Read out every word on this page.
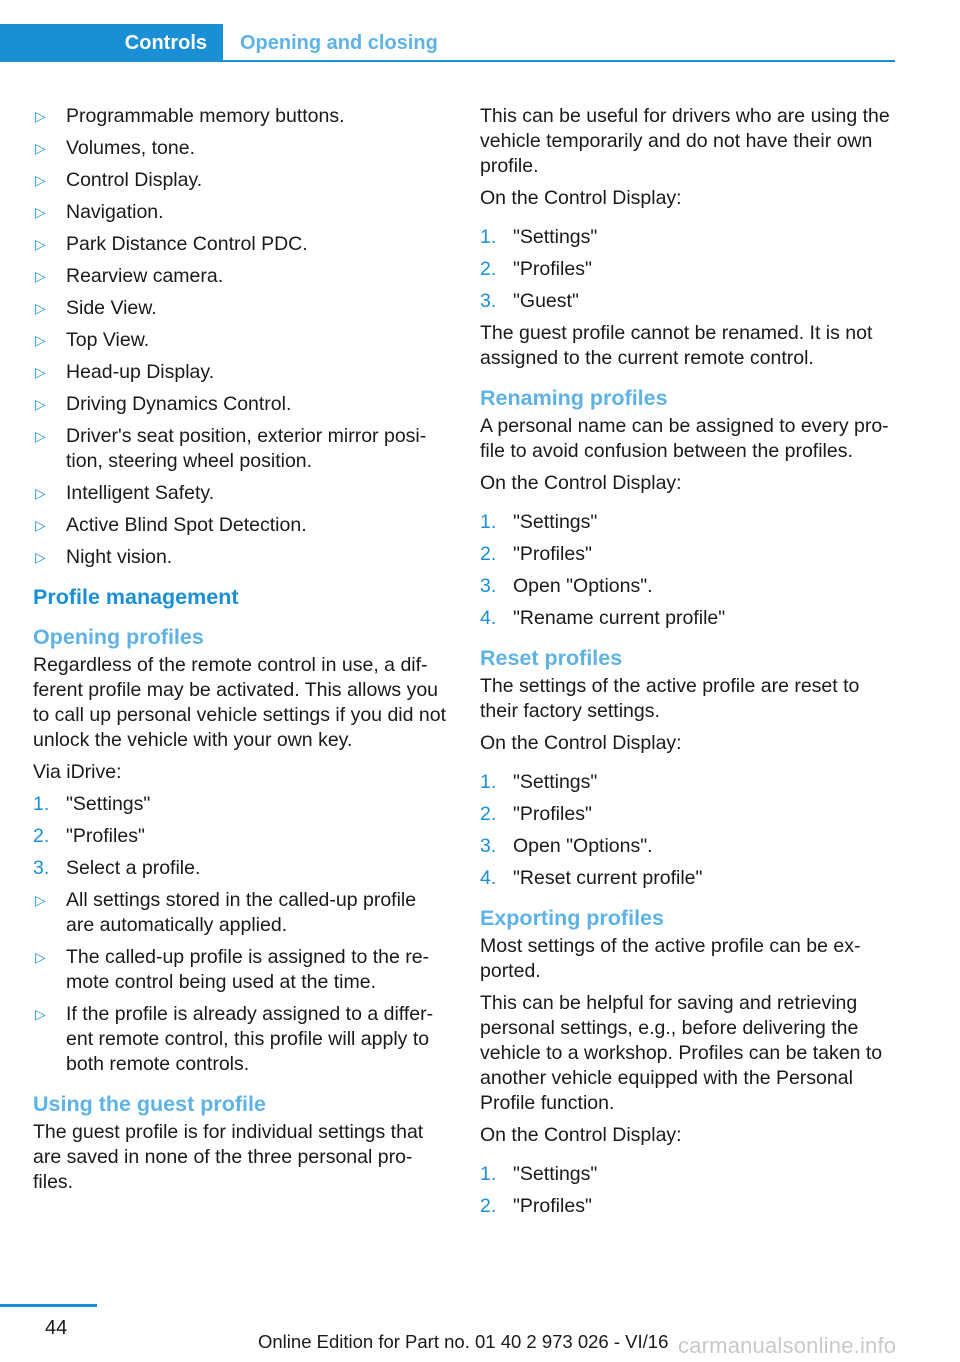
Controls Opening and closing
▷	Programmable memory buttons.
▷	Volumes, tone.
▷	Control Display.
▷	Navigation.
▷	Park Distance Control PDC.
▷	Rearview camera.
▷	Side View.
▷	Top View.
▷	Head-up Display.
▷	Driving Dynamics Control.
▷	Driver's seat position, exterior mirror posi-tion, steering wheel position.
▷	Intelligent Safety.
▷	Active Blind Spot Detection.
▷	Night vision.
Profile management
Opening profiles

Regardless of the remote control in use, a dif-ferent profile may be activated. This allows you to call up personal vehicle settings if you did not unlock the vehicle with your own key.

Via iDrive:

1. "Settings"
2. "Profiles"
3. Select a profile.
▷	All settings stored in the called-up profile are automatically applied.
▷	The called-up profile is assigned to the re-mote control being used at the time.
▷	If the profile is already assigned to a differ-ent remote control, this profile will apply to both remote controls.
Using the guest profile

The guest profile is for individual settings that are saved in none of the three personal pro-files.

This can be useful for drivers who are using the vehicle temporarily and do not have their own profile.

On the Control Display:

1. "Settings"
2. "Profiles"
3. "Guest"

The guest profile cannot be renamed. It is not assigned to the current remote control.

Renaming profiles

A personal name can be assigned to every pro-file to avoid confusion between the profiles.

On the Control Display:

1. "Settings"
2. "Profiles"
3. Open "Options".
4. "Rename current profile"
Reset profiles

The settings of the active profile are reset to their factory settings.

On the Control Display:

1. "Settings"
2. "Profiles"
3. Open "Options".
4. "Reset current profile"
Exporting profiles

Most settings of the active profile can be ex-ported.

This can be helpful for saving and retrieving personal settings, e.g., before delivering the vehicle to a workshop. Profiles can be taken to another vehicle equipped with the Personal Profile function.

On the Control Display:

1. "Settings"
2. "Profiles"
44
Online Edition for Part no. 01 40 2 973 026 - VI/16 carmanualsonline.info
